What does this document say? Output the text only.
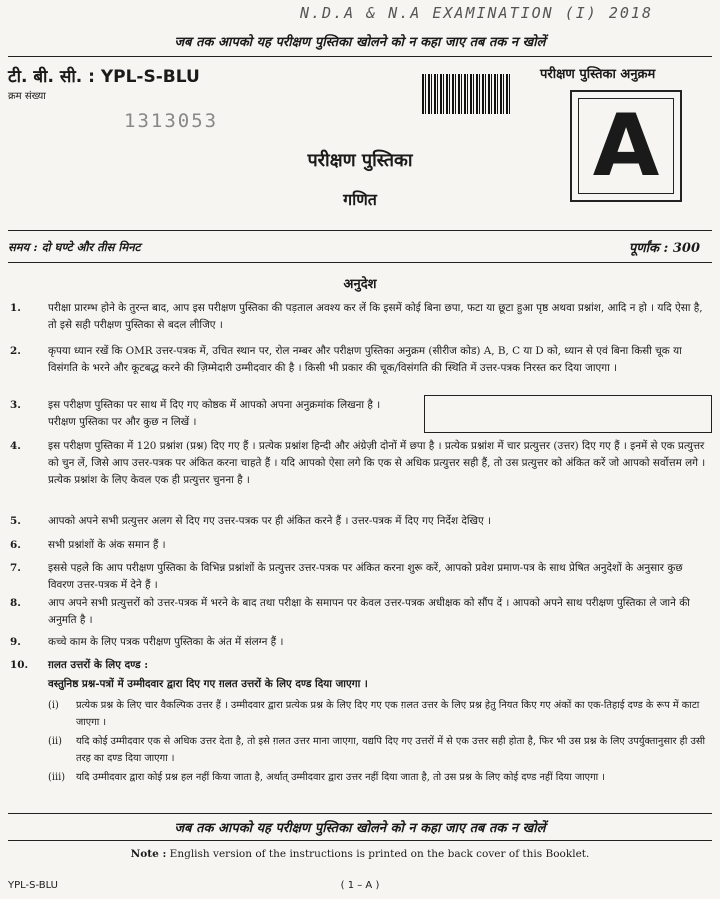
N.D.A & N.A EXAMINATION (I) 2018
जब तक आपको यह परीक्षण पुस्तिका खोलने को न कहा जाए तब तक न खोलें
टी. बी. सी. : YPL-S-BLU
क्रम संख्या
1313053
परीक्षण पुस्तिका
गणित
परीक्षण पुस्तिका अनुक्रम
A
समय : दो घण्टे और तीस मिनट	पूर्णांक : 300
अनुदेश
1.	परीक्षा प्रारम्भ होने के तुरन्त बाद, आप इस परीक्षण पुस्तिका की पड़ताल अवश्य कर लें कि इसमें कोई बिना छपा, फटा या छूटा हुआ पृष्ठ अथवा प्रश्नांश, आदि न हो । यदि ऐसा है, तो इसे सही परीक्षण पुस्तिका से बदल लीजिए ।
2.	कृपया ध्यान रखें कि OMR उत्तर-पत्रक में, उचित स्थान पर, रोल नम्बर और परीक्षण पुस्तिका अनुक्रम (सीरीज कोड) A, B, C या D को, ध्यान से एवं बिना किसी चूक या विसंगति के भरने और कूटबद्ध करने की ज़िम्मेदारी उम्मीदवार की है । किसी भी प्रकार की चूक/विसंगति की स्थिति में उत्तर-पत्रक निरस्त कर दिया जाएगा ।
3.	इस परीक्षण पुस्तिका पर साथ में दिए गए कोष्ठक में आपको अपना अनुक्रमांक लिखना है । परीक्षण पुस्तिका पर और कुछ न लिखें ।
4.	इस परीक्षण पुस्तिका में 120 प्रश्नांश (प्रश्न) दिए गए हैं । प्रत्येक प्रश्नांश हिन्दी और अंग्रेज़ी दोनों में छपा है । प्रत्येक प्रश्नांश में चार प्रत्युत्तर (उत्तर) दिए गए हैं । इनमें से एक प्रत्युत्तर को चुन लें, जिसे आप उत्तर-पत्रक पर अंकित करना चाहते हैं । यदि आपको ऐसा लगे कि एक से अधिक प्रत्युत्तर सही हैं, तो उस प्रत्युत्तर को अंकित करें जो आपको सर्वोत्तम लगे । प्रत्येक प्रश्नांश के लिए केवल एक ही प्रत्युत्तर चुनना है ।
5.	आपको अपने सभी प्रत्युत्तर अलग से दिए गए उत्तर-पत्रक पर ही अंकित करने हैं । उत्तर-पत्रक में दिए गए निर्देश देखिए ।
6.	सभी प्रश्नांशों के अंक समान हैं ।
7.	इससे पहले कि आप परीक्षण पुस्तिका के विभिन्न प्रश्नांशों के प्रत्युत्तर उत्तर-पत्रक पर अंकित करना शुरू करें, आपको प्रवेश प्रमाण-पत्र के साथ प्रेषित अनुदेशों के अनुसार कुछ विवरण उत्तर-पत्रक में देने हैं ।
8.	आप अपने सभी प्रत्युत्तरों को उत्तर-पत्रक में भरने के बाद तथा परीक्षा के समापन पर केवल उत्तर-पत्रक अधीक्षक को सौंप दें । आपको अपने साथ परीक्षण पुस्तिका ले जाने की अनुमति है ।
9.	कच्चे काम के लिए पत्रक परीक्षण पुस्तिका के अंत में संलग्न हैं ।
10.	ग़लत उत्तरों के लिए दण्ड :
वस्तुनिष्ठ प्रश्न-पत्रों में उम्मीदवार द्वारा दिए गए ग़लत उत्तरों के लिए दण्ड दिया जाएगा ।
(i)	प्रत्येक प्रश्न के लिए चार वैकल्पिक उत्तर हैं । उम्मीदवार द्वारा प्रत्येक प्रश्न के लिए दिए गए एक ग़लत उत्तर के लिए प्रश्न हेतु नियत किए गए अंकों का एक-तिहाई दण्ड के रूप में काटा जाएगा ।
(ii)	यदि कोई उम्मीदवार एक से अधिक उत्तर देता है, तो इसे ग़लत उत्तर माना जाएगा, यद्यपि दिए गए उत्तरों में से एक उत्तर सही होता है, फिर भी उस प्रश्न के लिए उपर्युक्तानुसार ही उसी तरह का दण्ड दिया जाएगा ।
(iii)	यदि उम्मीदवार द्वारा कोई प्रश्न हल नहीं किया जाता है, अर्थात् उम्मीदवार द्वारा उत्तर नहीं दिया जाता है, तो उस प्रश्न के लिए कोई दण्ड नहीं दिया जाएगा ।
जब तक आपको यह परीक्षण पुस्तिका खोलने को न कहा जाए तब तक न खोलें
Note : English version of the instructions is printed on the back cover of this Booklet.
YPL-S-BLU	( 1 – A )
